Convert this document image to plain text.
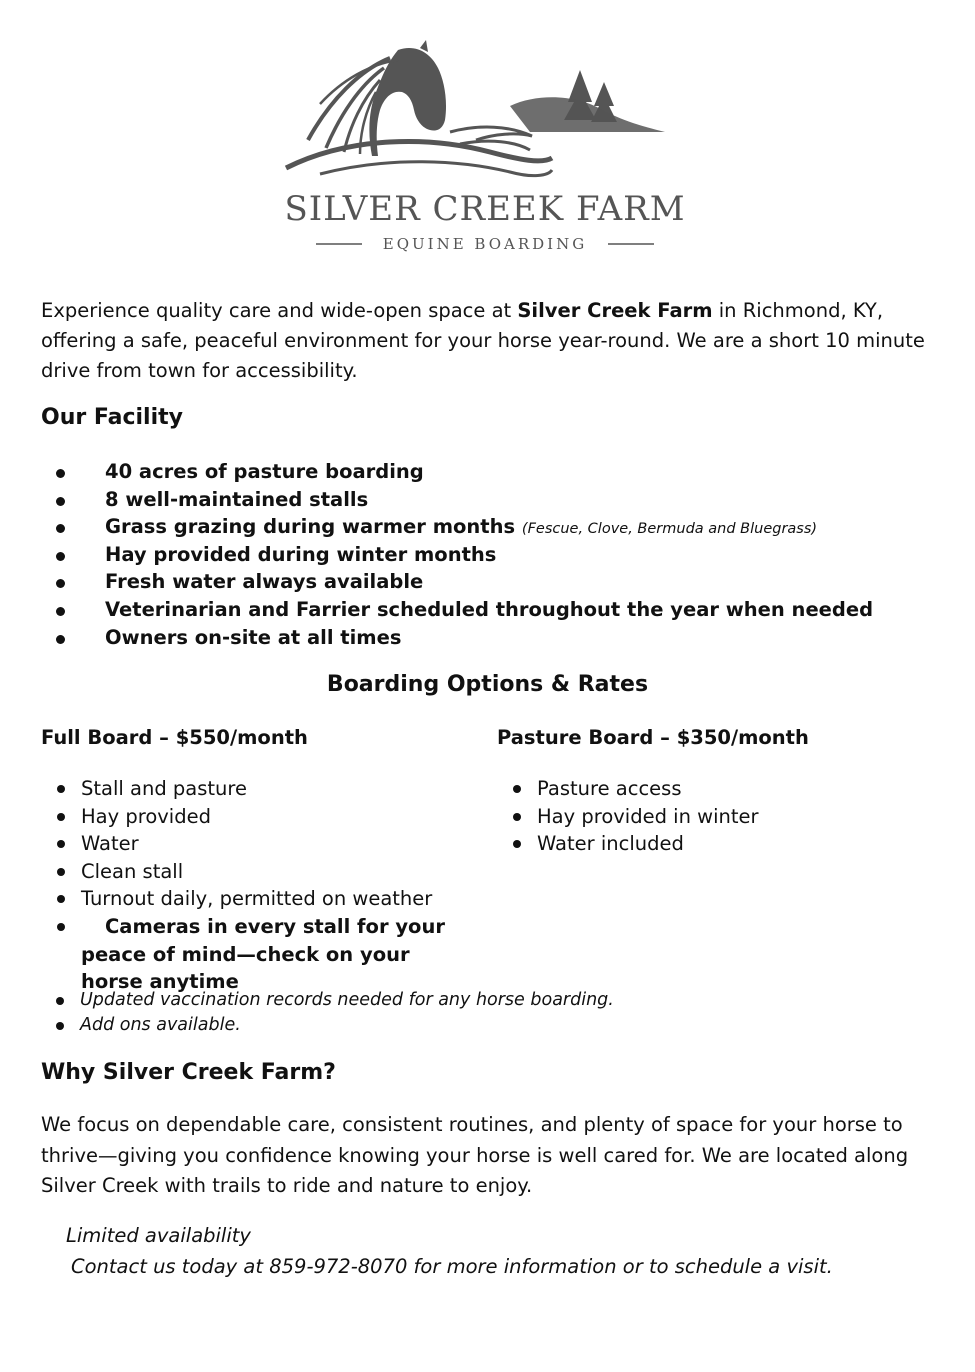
SILVER CREEK FARM
EQUINE BOARDING

Experience quality care and wide-open space at Silver Creek Farm in Richmond, KY, offering a safe, peaceful environment for your horse year-round. We are a short 10 minute drive from town for accessibility.

Our Facility
40 acres of pasture boarding
8 well-maintained stalls
Grass grazing during warmer months (Fescue, Clove, Bermuda and Bluegrass)
Hay provided during winter months
Fresh water always available
Veterinarian and Farrier scheduled throughout the year when needed
Owners on-site at all times
Boarding Options & Rates
Full Board – $550/month	Pasture Board – $350/month
Stall and pasture
Hay provided
Water
Clean stall
Turnout daily, permitted on weather
Cameras in every stall for your peace of mind—check on your horse anytime
Pasture access
Hay provided in winter
Water included
Updated vaccination records needed for any horse boarding.
Add ons available.
Why Silver Creek Farm?

We focus on dependable care, consistent routines, and plenty of space for your horse to thrive—giving you confidence knowing your horse is well cared for. We are located along Silver Creek with trails to ride and nature to enjoy.

Limited availability

Contact us today at 859-972-8070 for more information or to schedule a visit.
